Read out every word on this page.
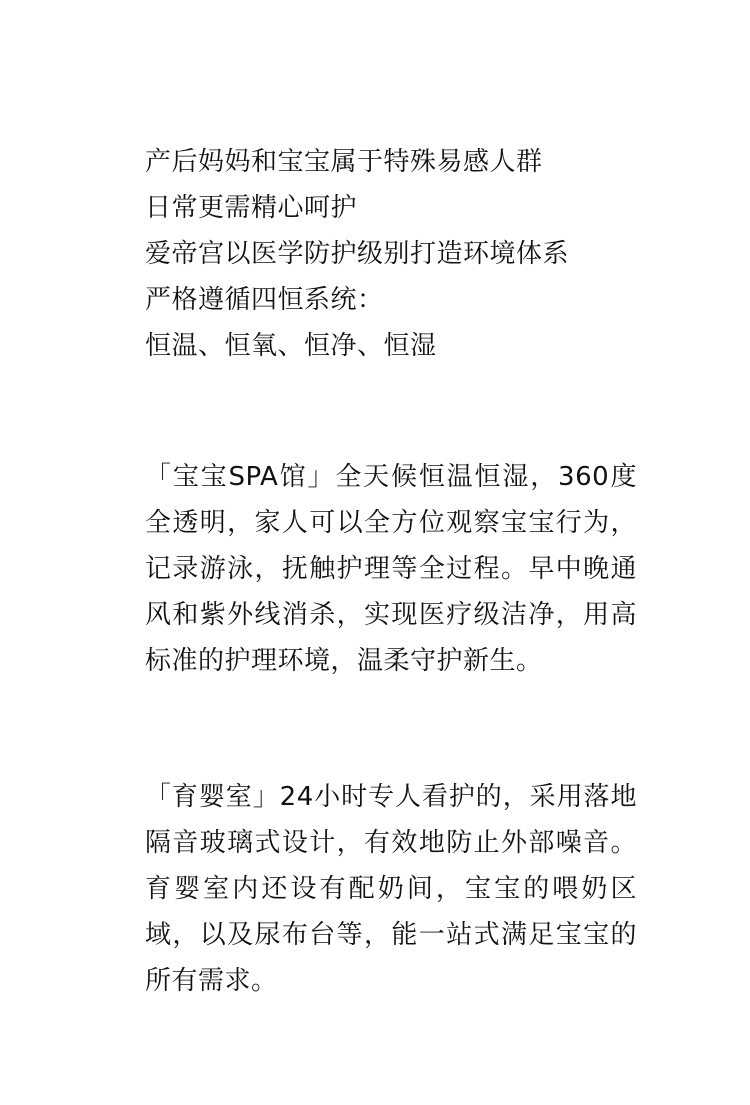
产后妈妈和宝宝属于特殊易感人群
日常更需精心呵护
爱帝宫以医学防护级别打造环境体系
严格遵循四恒系统：
恒温、恒氧、恒净、恒湿

「宝宝SPA馆」全天候恒温恒湿，360度全透明，家人可以全方位观察宝宝行为，记录游泳，抚触护理等全过程。早中晚通风和紫外线消杀，实现医疗级洁净，用高标准的护理环境，温柔守护新生。

「育婴室」24小时专人看护的，采用落地隔音玻璃式设计，有效地防止外部噪音。育婴室内还设有配奶间，宝宝的喂奶区域，以及尿布台等，能一站式满足宝宝的所有需求。
